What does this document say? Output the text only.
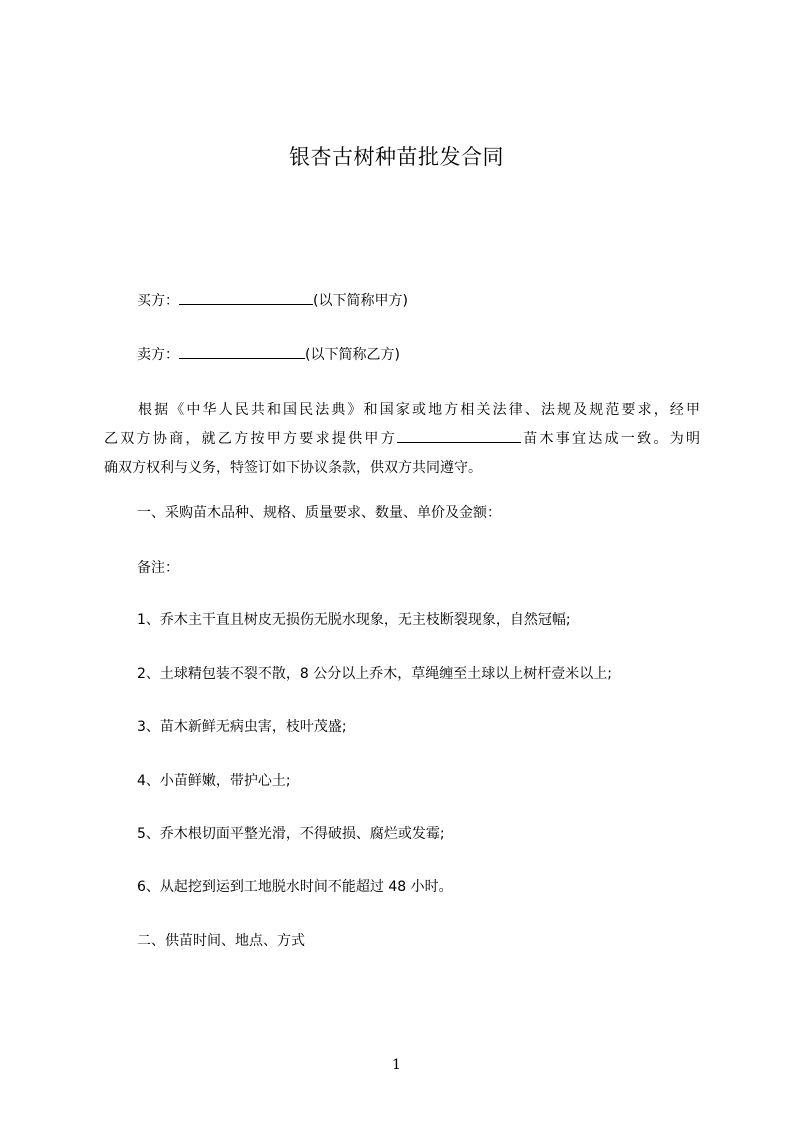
银杏古树种苗批发合同
买方：	(以下简称甲方)
卖方：	(以下简称乙方)
根据《中华人民共和国民法典》和国家或地方相关法律、法规及规范要求，经甲
乙双方协商，就乙方按甲方要求提供甲方	苗木事宜达成一致。为明
确双方权利与义务，特签订如下协议条款，供双方共同遵守。
一、采购苗木品种、规格、质量要求、数量、单价及金额：
备注：
1、乔木主干直且树皮无损伤无脱水现象，无主枝断裂现象，自然冠幅;
2、土球精包装不裂不散，8 公分以上乔木，草绳缠至土球以上树杆壹米以上;
3、苗木新鲜无病虫害，枝叶茂盛;
4、小苗鲜嫩，带护心土;
5、乔木根切面平整光滑，不得破损、腐烂或发霉;
6、从起挖到运到工地脱水时间不能超过 48 小时。
二、供苗时间、地点、方式
1
